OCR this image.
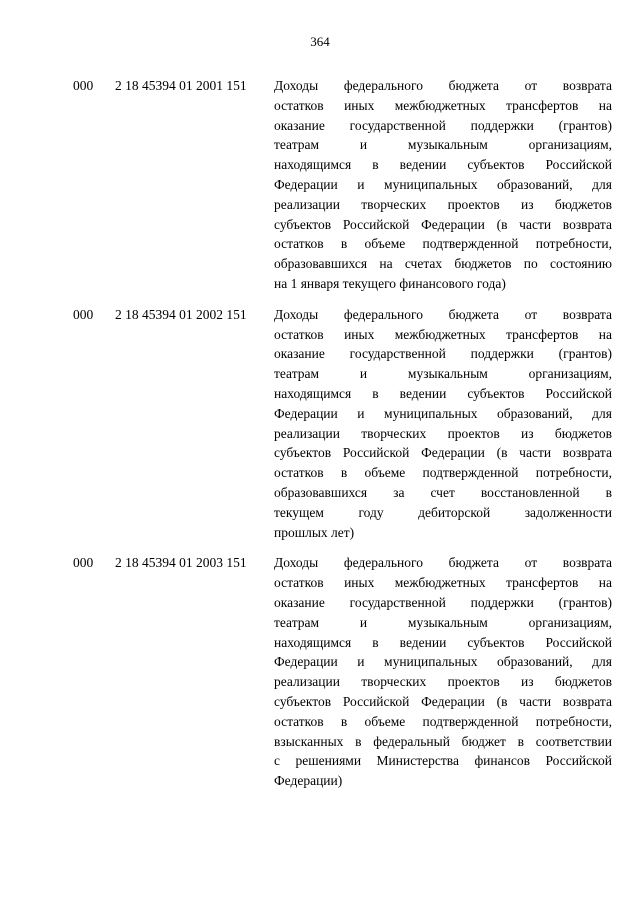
364
000	2 18 45394 01 2001 151	Доходы федерального бюджета от возврата
остатков иных межбюджетных трансфертов на
оказание государственной поддержки (грантов)
театрам и музыкальным организациям,
находящимся в ведении субъектов Российской
Федерации и муниципальных образований, для
реализации творческих проектов из бюджетов
субъектов Российской Федерации (в части возврата
остатков в объеме подтвержденной потребности,
образовавшихся на счетах бюджетов по состоянию
на 1 января текущего финансового года)
000	2 18 45394 01 2002 151	Доходы федерального бюджета от возврата
остатков иных межбюджетных трансфертов на
оказание государственной поддержки (грантов)
театрам и музыкальным организациям,
находящимся в ведении субъектов Российской
Федерации и муниципальных образований, для
реализации творческих проектов из бюджетов
субъектов Российской Федерации (в части возврата
остатков в объеме подтвержденной потребности,
образовавшихся за счет восстановленной в
текущем году дебиторской задолженности
прошлых лет)
000	2 18 45394 01 2003 151	Доходы федерального бюджета от возврата
остатков иных межбюджетных трансфертов на
оказание государственной поддержки (грантов)
театрам и музыкальным организациям,
находящимся в ведении субъектов Российской
Федерации и муниципальных образований, для
реализации творческих проектов из бюджетов
субъектов Российской Федерации (в части возврата
остатков в объеме подтвержденной потребности,
взысканных в федеральный бюджет в соответствии
с решениями Министерства финансов Российской
Федерации)
